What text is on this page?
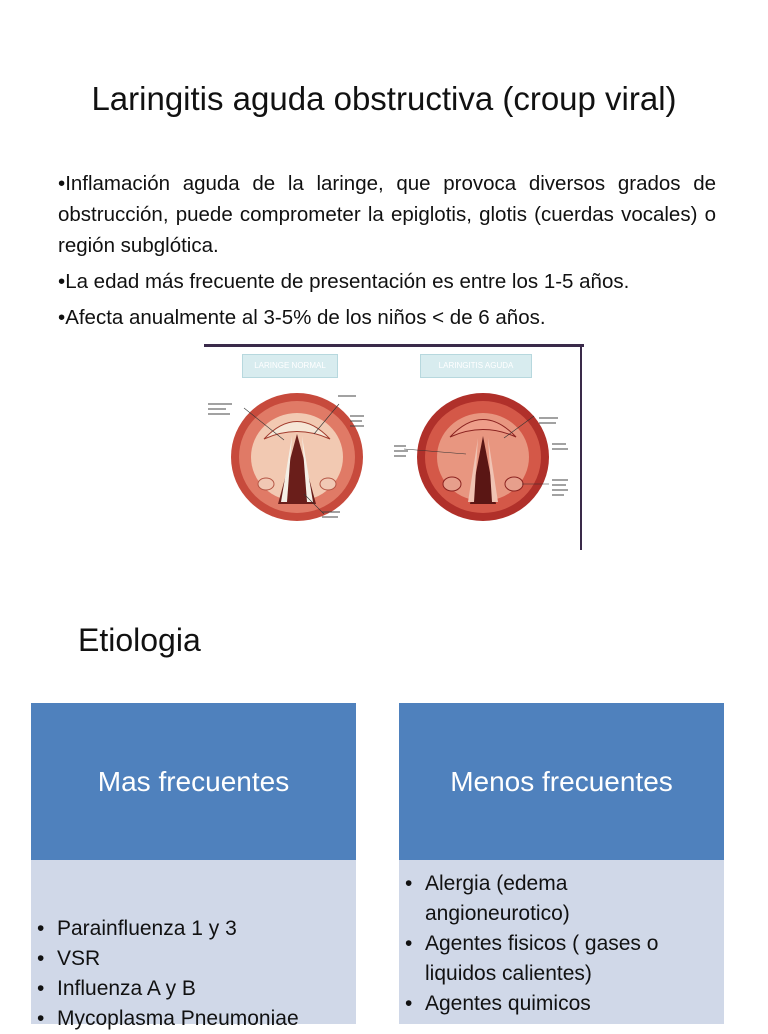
Laringitis aguda obstructiva (croup viral)

•Inflamación aguda de la laringe, que provoca diversos grados de obstrucción, puede comprometer la epiglotis, glotis (cuerdas vocales) o región subglótica.

•La edad más frecuente de presentación es entre los 1-5 años.

•Afecta anualmente al 3-5% de los niños < de 6 años.

LARINGE NORMAL	LARINGITIS AGUDA
Etiologia
Mas frecuentes
• Parainfluenza 1 y 3
• VSR
• Influenza A y B
• Mycoplasma Pneumoniae
Menos frecuentes
• Alergia (edema angioneurotico)
• Agentes fisicos ( gases o liquidos calientes)
• Agentes quimicos
